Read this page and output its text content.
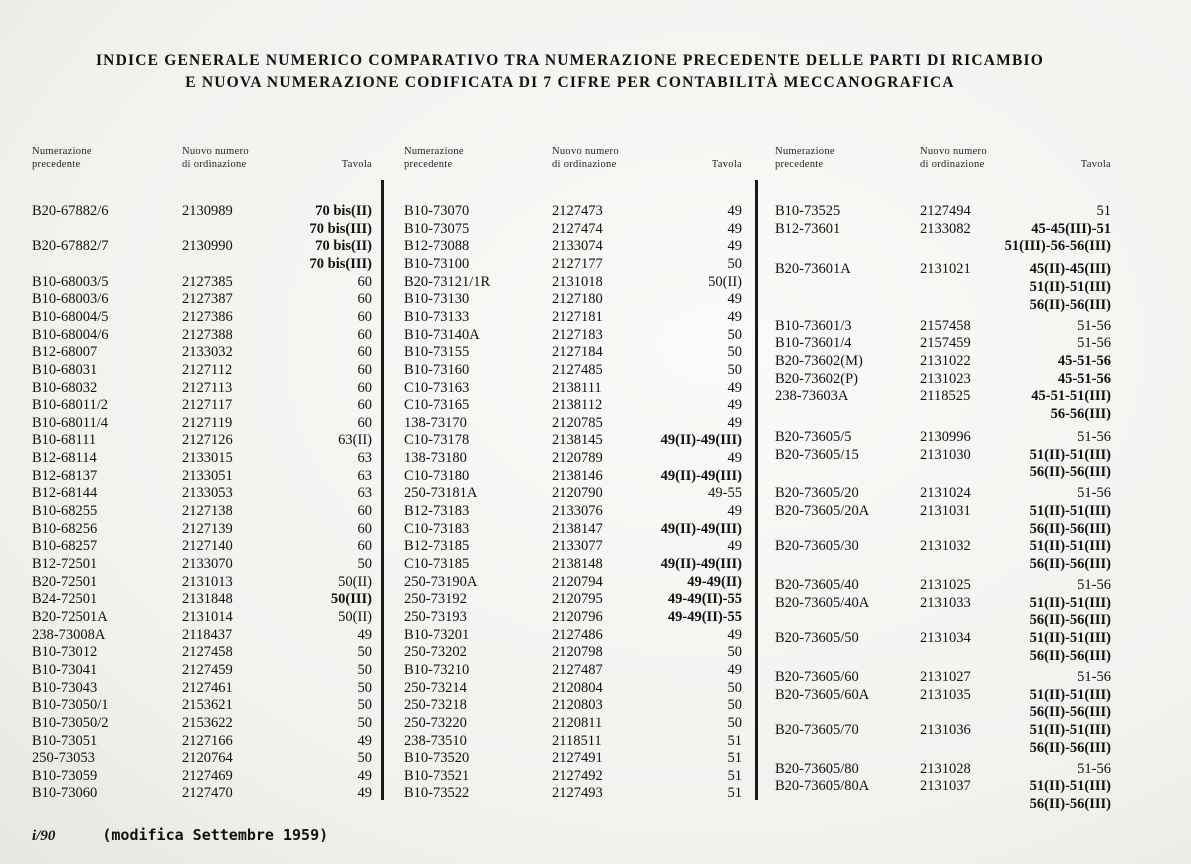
INDICE GENERALE NUMERICO COMPARATIVO TRA NUMERAZIONE PRECEDENTE DELLE PARTI DI RICAMBIO
E NUOVA NUMERAZIONE CODIFICATA DI 7 CIFRE PER CONTABILITÀ MECCANOGRAFICA
Numerazione
precedente
Nuovo numero
di ordinazione	Tavola
B20-67882/6	2130989	70 bis(II)
70 bis(III)
B20-67882/7	2130990	70 bis(II)
70 bis(III)
B10-68003/5	2127385	60
B10-68003/6	2127387	60
B10-68004/5	2127386	60
B10-68004/6	2127388	60
B12-68007	2133032	60
B10-68031	2127112	60
B10-68032	2127113	60
B10-68011/2	2127117	60
B10-68011/4	2127119	60
B10-68111	2127126	63(II)
B12-68114	2133015	63
B12-68137	2133051	63
B12-68144	2133053	63
B10-68255	2127138	60
B10-68256	2127139	60
B10-68257	2127140	60
B12-72501	2133070	50
B20-72501	2131013	50(II)
B24-72501	2131848	50(III)
B20-72501A	2131014	50(II)
238-73008A	2118437	49
B10-73012	2127458	50
B10-73041	2127459	50
B10-73043	2127461	50
B10-73050/1	2153621	50
B10-73050/2	2153622	50
B10-73051	2127166	49
250-73053	2120764	50
B10-73059	2127469	49
B10-73060	2127470	49
Numerazione
precedente
Nuovo numero
di ordinazione	Tavola
B10-73070	2127473	49
B10-73075	2127474	49
B12-73088	2133074	49
B10-73100	2127177	50
B20-73121/1R	2131018	50(II)
B10-73130	2127180	49
B10-73133	2127181	49
B10-73140A	2127183	50
B10-73155	2127184	50
B10-73160	2127485	50
C10-73163	2138111	49
C10-73165	2138112	49
138-73170	2120785	49
C10-73178	2138145	49(II)-49(III)
138-73180	2120789	49
C10-73180	2138146	49(II)-49(III)
250-73181A	2120790	49-55
B12-73183	2133076	49
C10-73183	2138147	49(II)-49(III)
B12-73185	2133077	49
C10-73185	2138148	49(II)-49(III)
250-73190A	2120794	49-49(II)
250-73192	2120795	49-49(II)-55
250-73193	2120796	49-49(II)-55
B10-73201	2127486	49
250-73202	2120798	50
B10-73210	2127487	49
250-73214	2120804	50
250-73218	2120803	50
250-73220	2120811	50
238-73510	2118511	51
B10-73520	2127491	51
B10-73521	2127492	51
B10-73522	2127493	51
Numerazione
precedente
Nuovo numero
di ordinazione	Tavola
B10-73525	2127494	51
B12-73601	2133082	45-45(III)-51
51(III)-56-56(III)
B20-73601A	2131021	45(II)-45(III)
51(II)-51(III)
56(II)-56(III)
B10-73601/3	2157458	51-56
B10-73601/4	2157459	51-56
B20-73602(M)	2131022	45-51-56
B20-73602(P)	2131023	45-51-56
238-73603A	2118525	45-51-51(III)
56-56(III)
B20-73605/5	2130996	51-56
B20-73605/15	2131030	51(II)-51(III)
56(II)-56(III)
B20-73605/20	2131024	51-56
B20-73605/20A	2131031	51(II)-51(III)
56(II)-56(III)
B20-73605/30	2131032	51(II)-51(III)
56(II)-56(III)
B20-73605/40	2131025	51-56
B20-73605/40A	2131033	51(II)-51(III)
56(II)-56(III)
B20-73605/50	2131034	51(II)-51(III)
56(II)-56(III)
B20-73605/60	2131027	51-56
B20-73605/60A	2131035	51(II)-51(III)
56(II)-56(III)
B20-73605/70	2131036	51(II)-51(III)
56(II)-56(III)
B20-73605/80	2131028	51-56
B20-73605/80A	2131037	51(II)-51(III)
56(II)-56(III)
i/90	(modifica Settembre 1959)
